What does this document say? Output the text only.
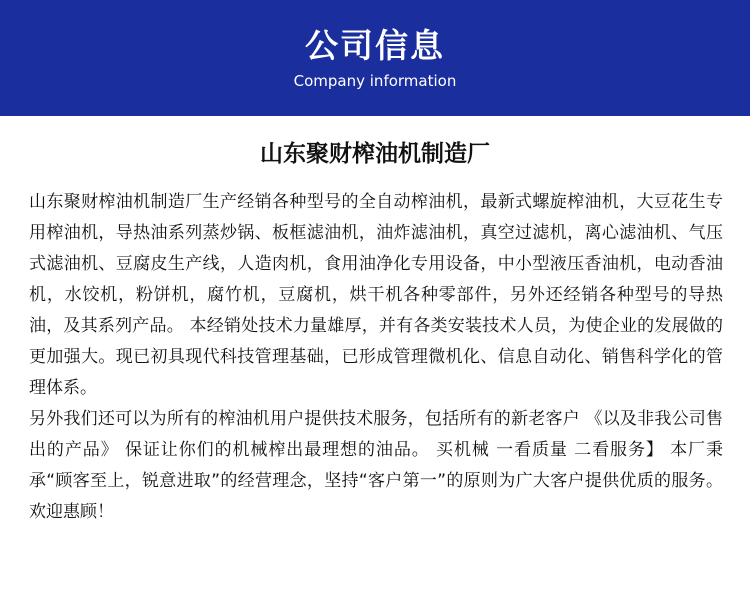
公司信息
Company information
山东聚财榨油机制造厂

山东聚财榨油机制造厂生产经销各种型号的全自动榨油机，最新式螺旋榨油机，大豆花生专用榨油机，导热油系列蒸炒锅、板框滤油机，油炸滤油机，真空过滤机，离心滤油机、气压式滤油机、豆腐皮生产线，人造肉机，食用油净化专用设备，中小型液压香油机，电动香油机，水饺机，粉饼机，腐竹机，豆腐机，烘干机各种零部件，另外还经销各种型号的导热油，及其系列产品。 本经销处技术力量雄厚，并有各类安装技术人员，为使企业的发展做的更加强大。现已初具现代科技管理基础，已形成管理微机化、信息自动化、销售科学化的管理体系。

另外我们还可以为所有的榨油机用户提供技术服务，包括所有的新老客户 《以及非我公司售出的产品》 保证让你们的机械榨出最理想的油品。 买机械 一看质量 二看服务】 本厂秉承“顾客至上，锐意进取”的经营理念，坚持“客户第一”的原则为广大客户提供优质的服务。欢迎惠顾！
